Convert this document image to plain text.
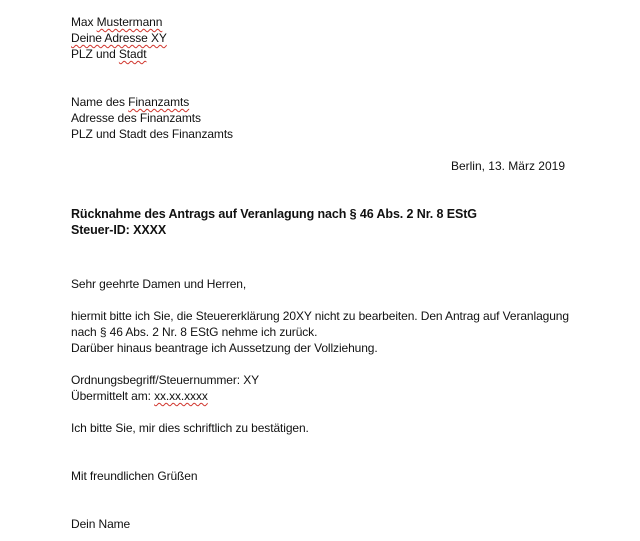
Max Mustermann
Deine Adresse XY
PLZ und Stadt
Name des Finanzamts
Adresse des Finanzamts
PLZ und Stadt des Finanzamts
Berlin, 13. März 2019
Rücknahme des Antrags auf Veranlagung nach § 46 Abs. 2 Nr. 8 EStG
Steuer-ID: XXXX
Sehr geehrte Damen und Herren,
hiermit bitte ich Sie, die Steuererklärung 20XY nicht zu bearbeiten. Den Antrag auf Veranlagung
nach § 46 Abs. 2 Nr. 8 EStG nehme ich zurück.
Darüber hinaus beantrage ich Aussetzung der Vollziehung.
Ordnungsbegriff/Steuernummer: XY
Übermittelt am: xx.xx.xxxx
Ich bitte Sie, mir dies schriftlich zu bestätigen.
Mit freundlichen Grüßen
Dein Name
